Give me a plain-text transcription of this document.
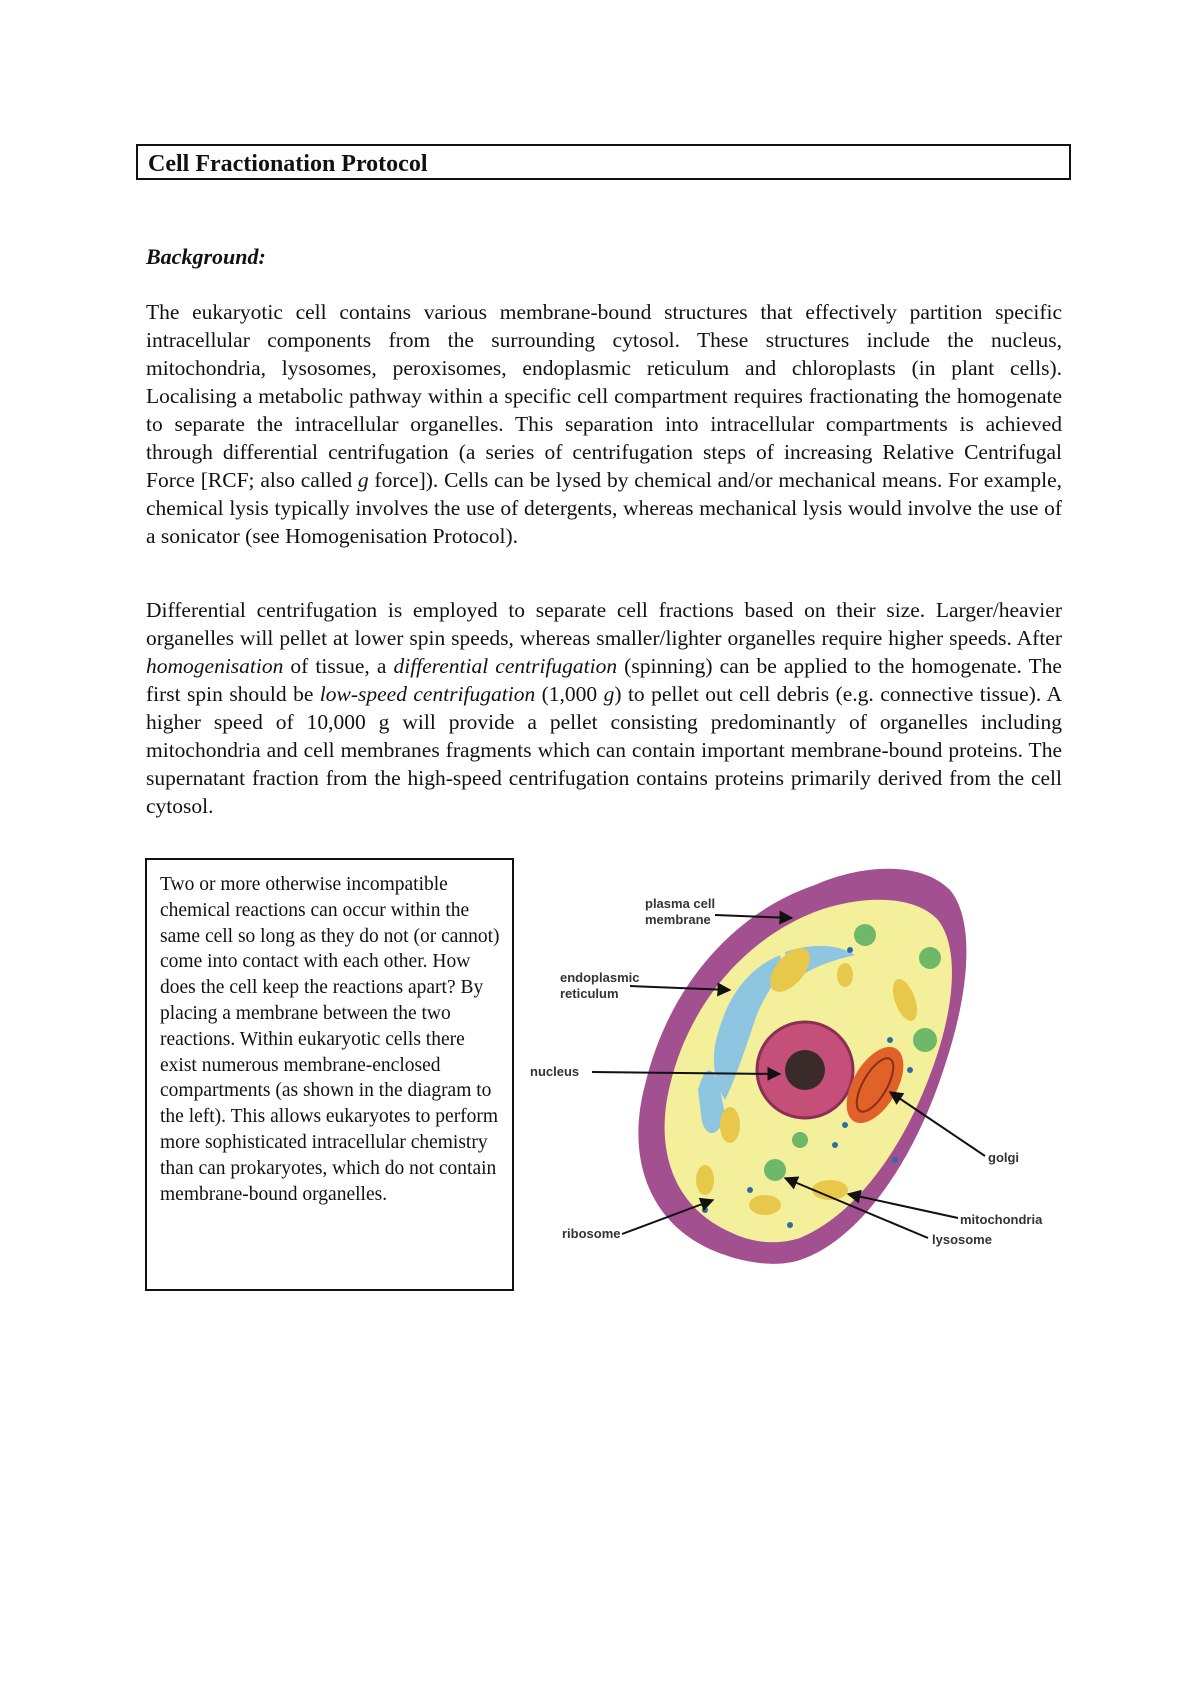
Cell Fractionation Protocol
Background:

The eukaryotic cell contains various membrane-bound structures that effectively partition specific intracellular components from the surrounding cytosol. These structures include the nucleus, mitochondria, lysosomes, peroxisomes, endoplasmic reticulum and chloroplasts (in plant cells). Localising a metabolic pathway within a specific cell compartment requires fractionating the homogenate to separate the intracellular organelles. This separation into intracellular compartments is achieved through differential centrifugation (a series of centrifugation steps of increasing Relative Centrifugal Force [RCF; also called g force]). Cells can be lysed by chemical and/or mechanical means. For example, chemical lysis typically involves the use of detergents, whereas mechanical lysis would involve the use of a sonicator (see Homogenisation Protocol).

Differential centrifugation is employed to separate cell fractions based on their size. Larger/heavier organelles will pellet at lower spin speeds, whereas smaller/lighter organelles require higher speeds. After homogenisation of tissue, a differential centrifugation (spinning) can be applied to the homogenate. The first spin should be low-speed centrifugation (1,000 g) to pellet out cell debris (e.g. connective tissue). A higher speed of 10,000 g will provide a pellet consisting predominantly of organelles including mitochondria and cell membranes fragments which can contain important membrane-bound proteins. The supernatant fraction from the high-speed centrifugation contains proteins primarily derived from the cell cytosol.

Two or more otherwise incompatible chemical reactions can occur within the same cell so long as they do not (or cannot) come into contact with each other. How does the cell keep the reactions apart? By placing a membrane between the two reactions. Within eukaryotic cells there exist numerous membrane-enclosed compartments (as shown in the diagram to the left). This allows eukaryotes to perform more sophisticated intracellular chemistry than can prokaryotes, which do not contain membrane-bound organelles.

plasma cell
membrane
endoplasmic
reticulum
nucleus
golgi
mitochondria
lysosome
ribosome
